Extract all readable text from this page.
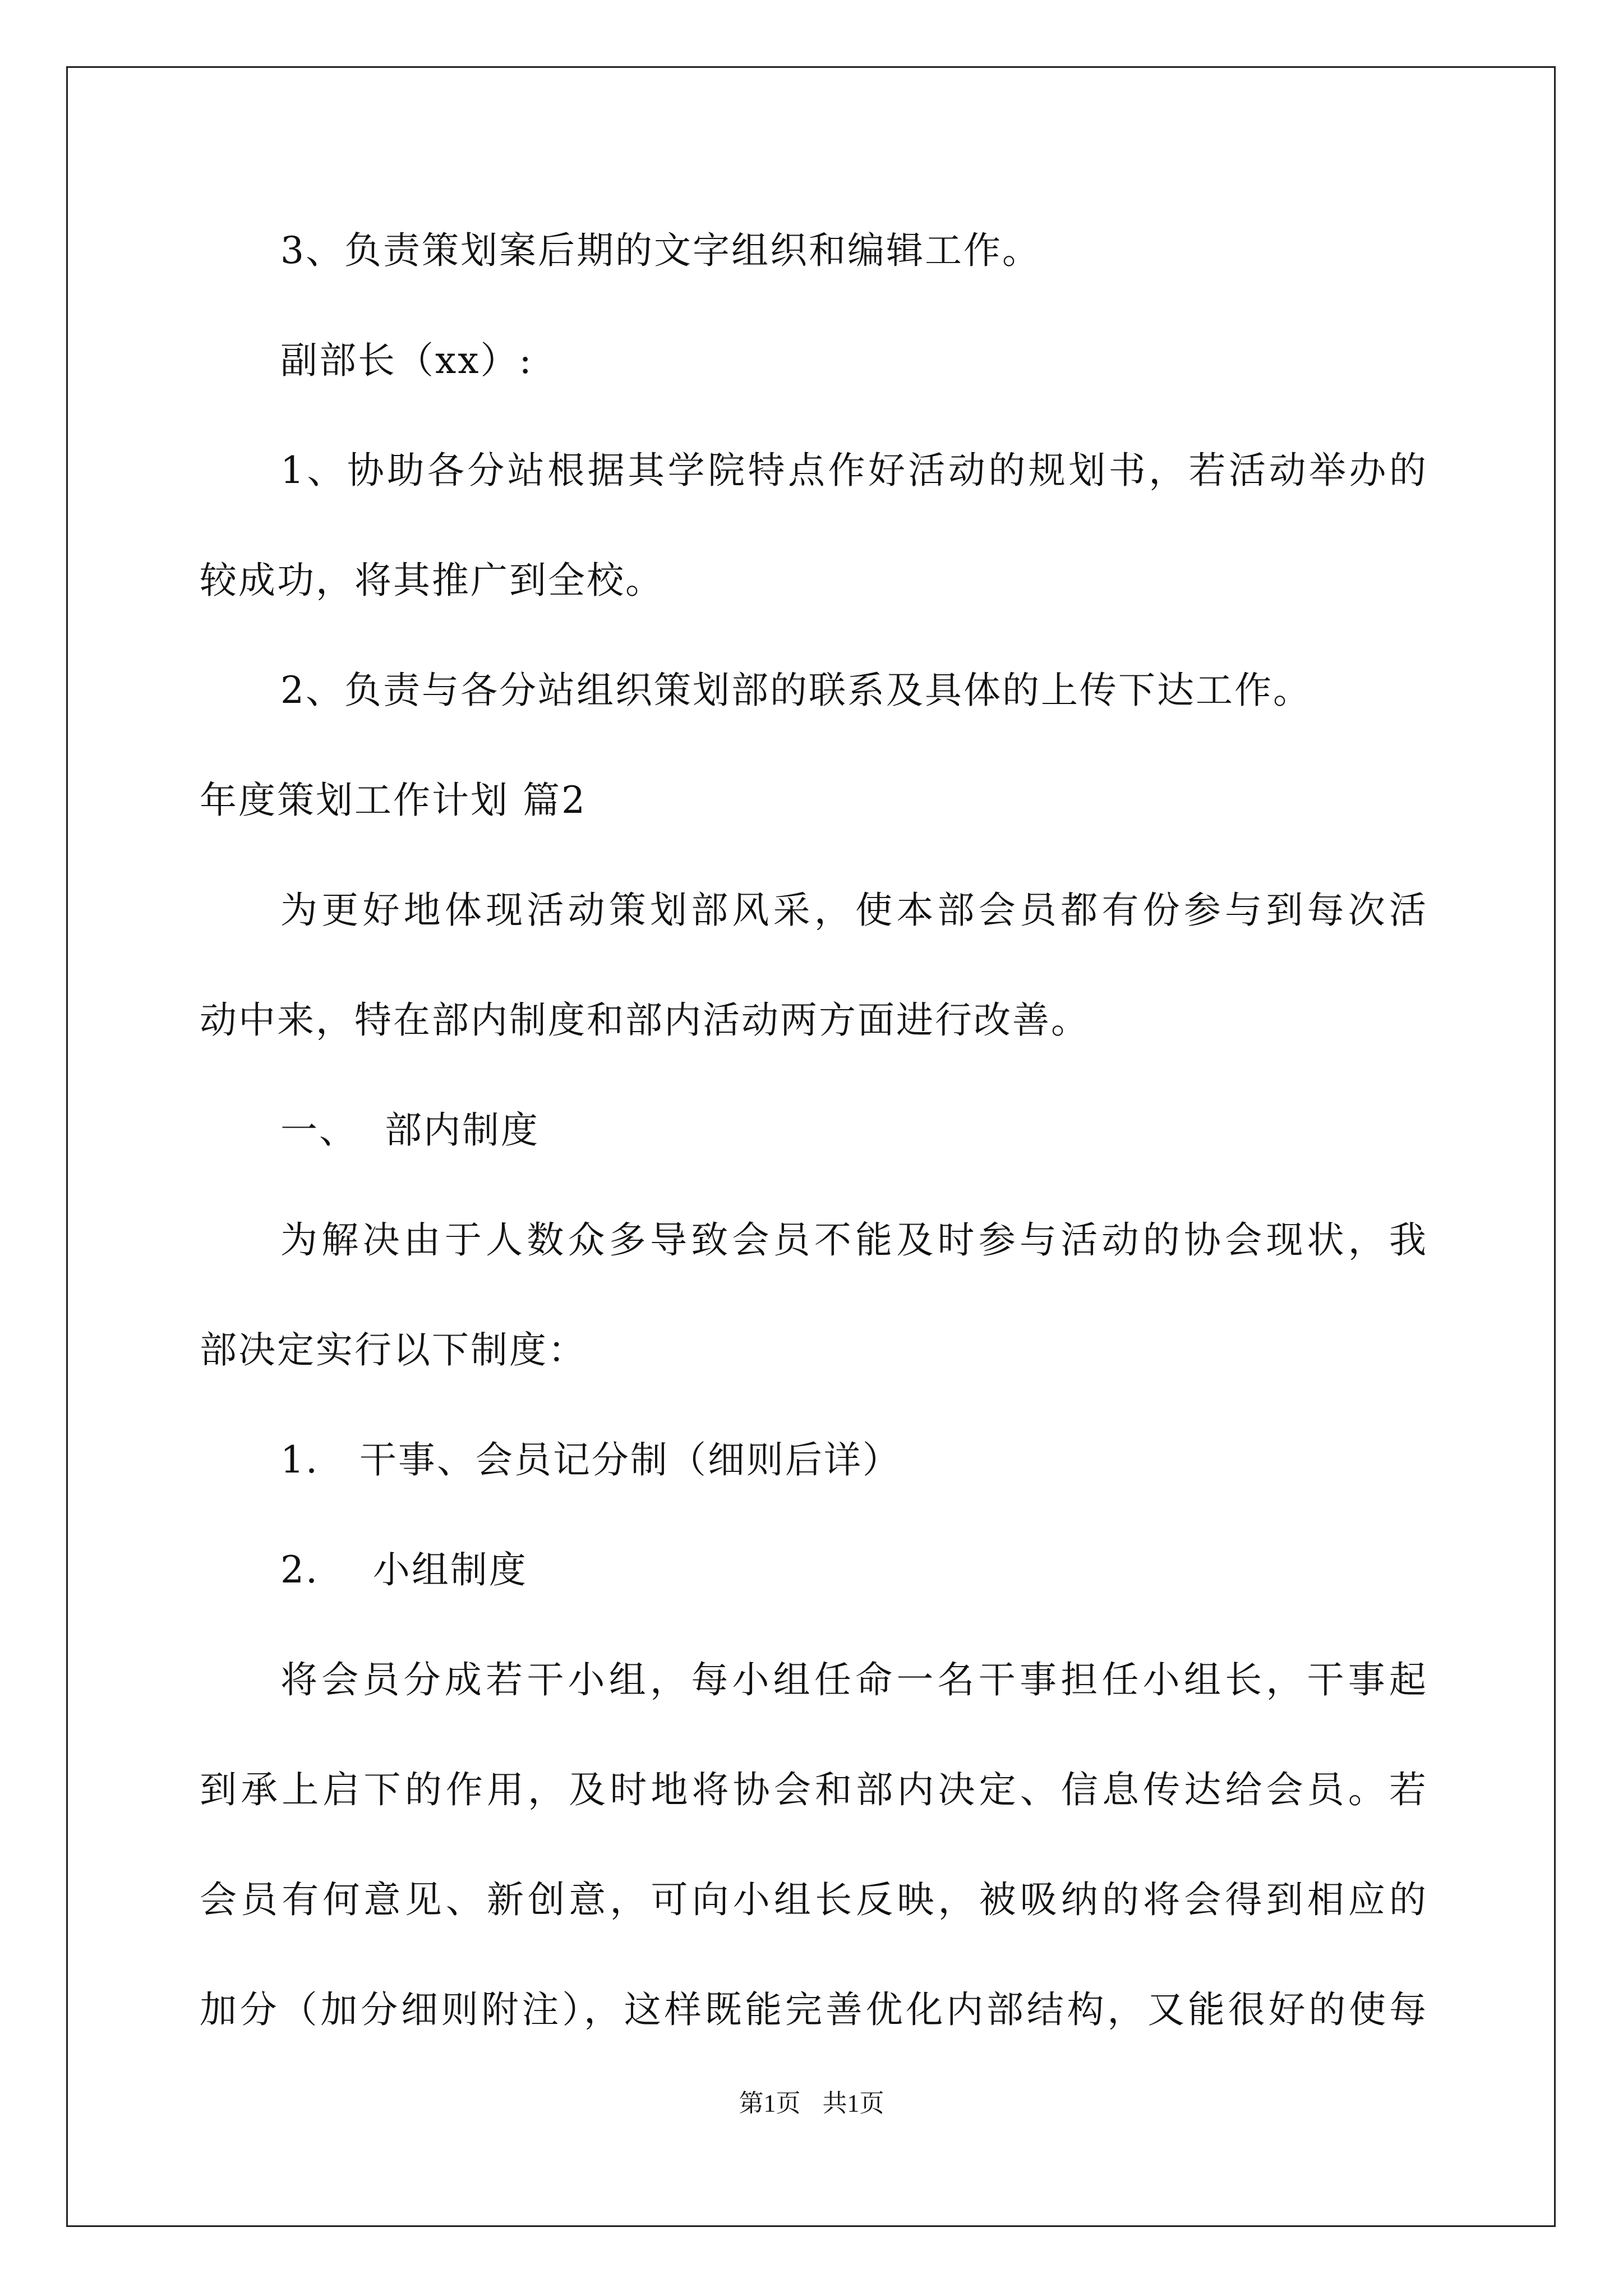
3、负责策划案后期的文字组织和编辑工作。
副部长（xx）:
1、协助各分站根据其学院特点作好活动的规划书，若活动举办的
较成功，将其推广到全校。
2、负责与各分站组织策划部的联系及具体的上传下达工作。
年度策划工作计划 篇2
为更好地体现活动策划部风采，使本部会员都有份参与到每次活
动中来，特在部内制度和部内活动两方面进行改善。
一、  部内制度
为解决由于人数众多导致会员不能及时参与活动的协会现状，我
部决定实行以下制度：
1.   干事、会员记分制（细则后详）
2.    小组制度
将会员分成若干小组，每小组任命一名干事担任小组长，干事起
到承上启下的作用，及时地将协会和部内决定、信息传达给会员。若
会员有何意见、新创意，可向小组长反映，被吸纳的将会得到相应的
加分（加分细则附注），这样既能完善优化内部结构，又能很好的使每
第1页 共1页
